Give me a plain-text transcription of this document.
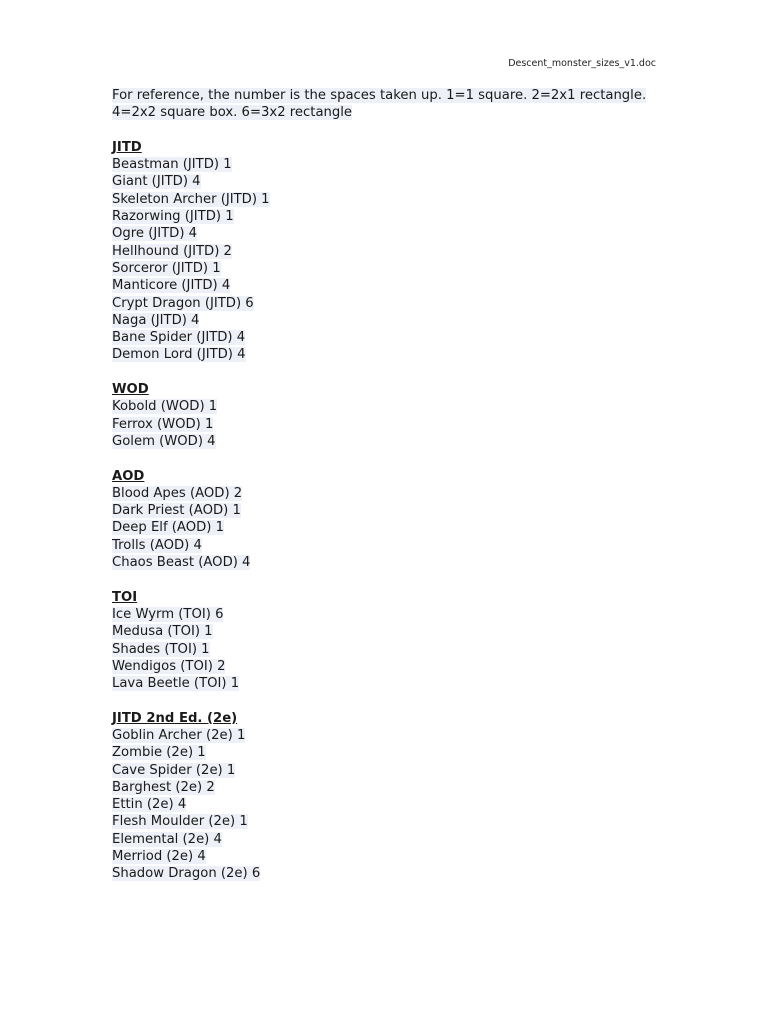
Descent_monster_sizes_v1.doc
For reference, the number is the spaces taken up. 1=1 square. 2=2x1 rectangle. 4=2x2 square box. 6=3x2 rectangle
JITD
Beastman (JITD) 1
Giant (JITD) 4
Skeleton Archer (JITD) 1
Razorwing (JITD) 1
Ogre (JITD) 4
Hellhound (JITD) 2
Sorceror (JITD) 1
Manticore (JITD) 4
Crypt Dragon (JITD) 6
Naga (JITD) 4
Bane Spider (JITD) 4
Demon Lord (JITD) 4
WOD
Kobold (WOD) 1
Ferrox (WOD) 1
Golem (WOD) 4
AOD
Blood Apes (AOD) 2
Dark Priest (AOD) 1
Deep Elf (AOD) 1
Trolls (AOD) 4
Chaos Beast (AOD) 4
TOI
Ice Wyrm (TOI) 6
Medusa (TOI) 1
Shades (TOI) 1
Wendigos (TOI) 2
Lava Beetle (TOI) 1
JITD 2nd Ed. (2e)
Goblin Archer (2e) 1
Zombie (2e) 1
Cave Spider (2e) 1
Barghest (2e) 2
Ettin (2e) 4
Flesh Moulder (2e) 1
Elemental (2e) 4
Merriod (2e) 4
Shadow Dragon (2e) 6
